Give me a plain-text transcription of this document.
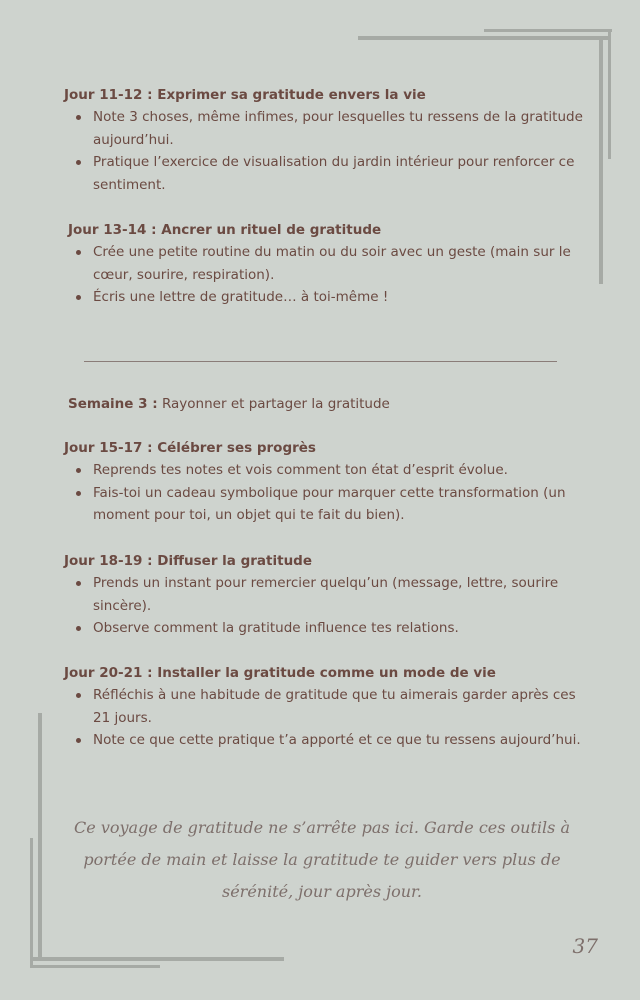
Jour 11-12 : Exprimer sa gratitude envers la vie
Note 3 choses, même infimes, pour lesquelles tu ressens de la gratitude aujourd’hui.
Pratique l’exercice de visualisation du jardin intérieur pour renforcer ce sentiment.
Jour 13-14 : Ancrer un rituel de gratitude
Crée une petite routine du matin ou du soir avec un geste (main sur le cœur, sourire, respiration).
Écris une lettre de gratitude… à toi-même !
Semaine 3 : Rayonner et partager la gratitude
Jour 15-17 : Célébrer ses progrès
Reprends tes notes et vois comment ton état d’esprit évolue.
Fais-toi un cadeau symbolique pour marquer cette transformation (un moment pour toi, un objet qui te fait du bien).
Jour 18-19 : Diffuser la gratitude
Prends un instant pour remercier quelqu’un (message, lettre, sourire sincère).
Observe comment la gratitude influence tes relations.
Jour 20-21 : Installer la gratitude comme un mode de vie
Réfléchis à une habitude de gratitude que tu aimerais garder après ces 21 jours.
Note ce que cette pratique t’a apporté et ce que tu ressens aujourd’hui.

Ce voyage de gratitude ne s’arrête pas ici. Garde ces outils à portée de main et laisse la gratitude te guider vers plus de sérénité, jour après jour.

37
